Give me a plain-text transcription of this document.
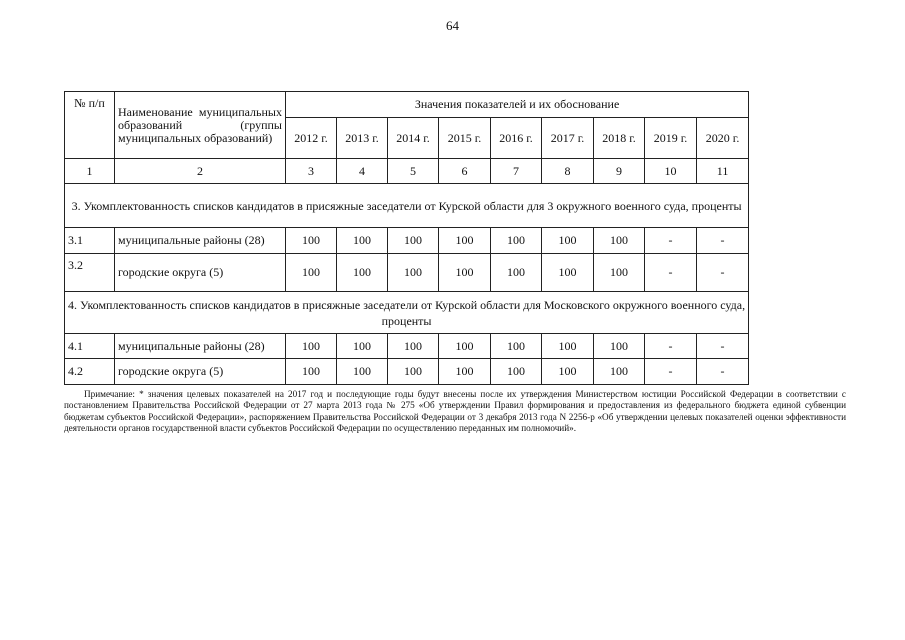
64
№ п/п	Наименование муниципальных образований (группы муниципальных образований)	Значения показателей и их обоснование								
		2012 г.	2013 г.	2014 г.	2015 г.	2016 г.	2017 г.	2018 г.	2019 г.	2020 г.
1	2	3	4	5	6	7	8	9	10	11
3. Укомплектованность списков кандидатов в присяжные заседатели от Курской области для 3 окружного военного суда, проценты										
3.1	муниципальные районы (28)	100	100	100	100	100	100	100	-	-
3.2	городские округа (5)	100	100	100	100	100	100	100	-	-
4. Укомплектованность списков кандидатов в присяжные заседатели от Курской области для Московского окружного военного суда, проценты										
4.1	муниципальные районы (28)	100	100	100	100	100	100	100	-	-
4.2	городские округа (5)	100	100	100	100	100	100	100	-	-
Примечание: * значения целевых показателей на 2017 год и последующие годы будут внесены после их утверждения Министерством юстиции Российской Федерации в соответствии с постановлением Правительства Российской Федерации от 27 марта 2013 года № 275 «Об утверждении Правил формирования и предоставления из федерального бюджета единой субвенции бюджетам субъектов Российской Федерации», распоряжением Правительства Российской Федерации от 3 декабря 2013 года N 2256-р «Об утверждении целевых показателей оценки эффективности деятельности органов государственной власти субъектов Российской Федерации по осуществлению переданных им полномочий».
